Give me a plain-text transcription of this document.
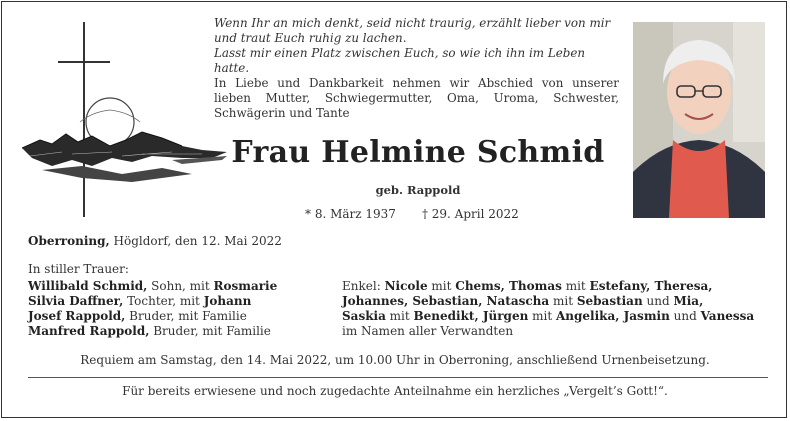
Wenn Ihr an mich denkt, seid nicht traurig, erzählt lieber von mir
und traut Euch ruhig zu lachen.
Lasst mir einen Platz zwischen Euch, so wie ich ihn im Leben hatte.
In Liebe und Dankbarkeit nehmen wir Abschied von unserer lieben Mutter, Schwiegermutter, Oma, Uroma, Schwester, Schwägerin und Tante
Frau Helmine Schmid
geb. Rappold
* 8. März 1937 † 29. April 2022
Oberroning, Högldorf, den 12. Mai 2022
In stiller Trauer:
Willibald Schmid, Sohn, mit Rosmarie
Silvia Daffner, Tochter, mit Johann
Josef Rappold, Bruder, mit Familie
Manfred Rappold, Bruder, mit Familie
Enkel: Nicole mit Chems, Thomas mit Estefany, Theresa,
Johannes, Sebastian, Natascha mit Sebastian und Mia,
Saskia mit Benedikt, Jürgen mit Angelika, Jasmin und Vanessa
im Namen aller Verwandten
Requiem am Samstag, den 14. Mai 2022, um 10.00 Uhr in Oberroning, anschließend Urnenbeisetzung.
Für bereits erwiesene und noch zugedachte Anteilnahme ein herzliches „Vergelt’s Gott!“.
